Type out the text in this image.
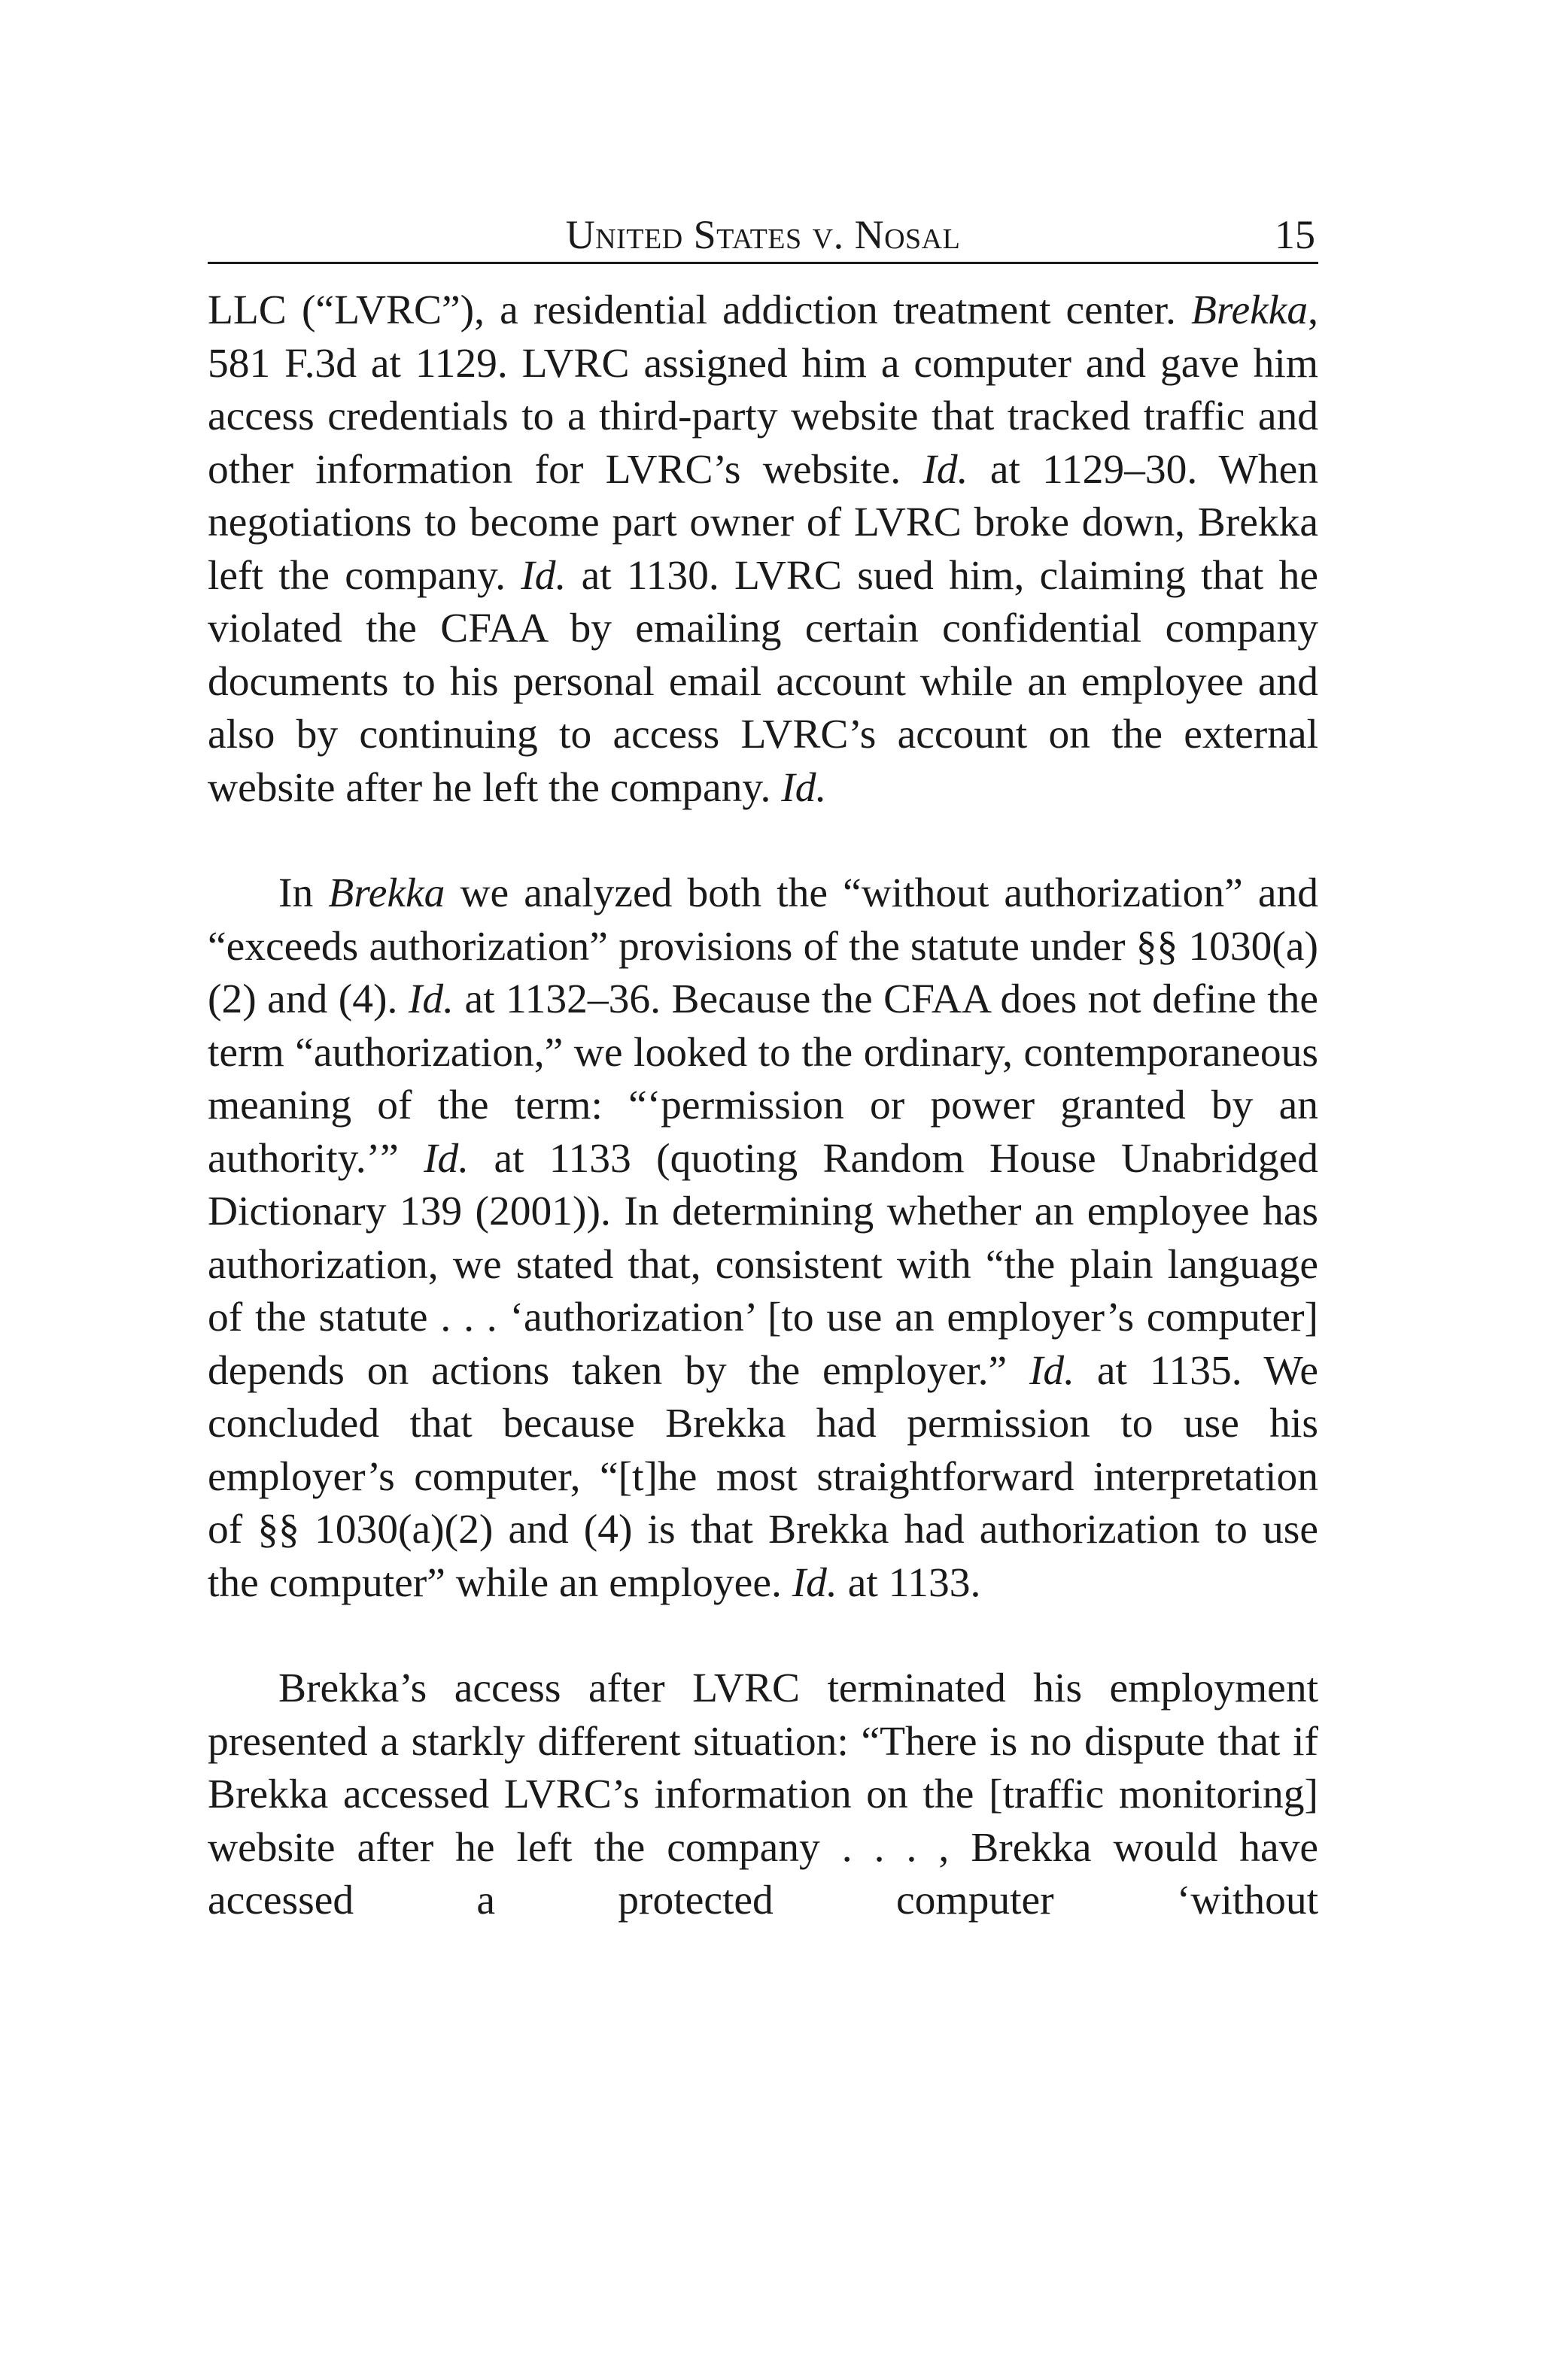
United States v. Nosal	15

LLC (“LVRC”), a residential addiction treatment center. Brekka, 581 F.3d at 1129. LVRC assigned him a computer and gave him access credentials to a third-party website that tracked traffic and other information for LVRC’s website. Id. at 1129–30. When negotiations to become part owner of LVRC broke down, Brekka left the company. Id. at 1130. LVRC sued him, claiming that he violated the CFAA by emailing certain confidential company documents to his personal email account while an employee and also by continuing to access LVRC’s account on the external website after he left the company. Id.

In Brekka we analyzed both the “without authorization” and “exceeds authorization” provisions of the statute under §§ 1030(a)(2) and (4). Id. at 1132–36. Because the CFAA does not define the term “authorization,” we looked to the ordinary, contemporaneous meaning of the term: “‘permission or power granted by an authority.’” Id. at 1133 (quoting Random House Unabridged Dictionary 139 (2001)). In determining whether an employee has authorization, we stated that, consistent with “the plain language of the statute . . . ‘authorization’ [to use an employer’s computer] depends on actions taken by the employer.” Id. at 1135. We concluded that because Brekka had permission to use his employer’s computer, “[t]he most straightforward interpretation of §§ 1030(a)(2) and (4) is that Brekka had authorization to use the computer” while an employee. Id. at 1133.

Brekka’s access after LVRC terminated his employment presented a starkly different situation: “There is no dispute that if Brekka accessed LVRC’s information on the [traffic monitoring] website after he left the company . . . , Brekka would have accessed a protected computer ‘without
